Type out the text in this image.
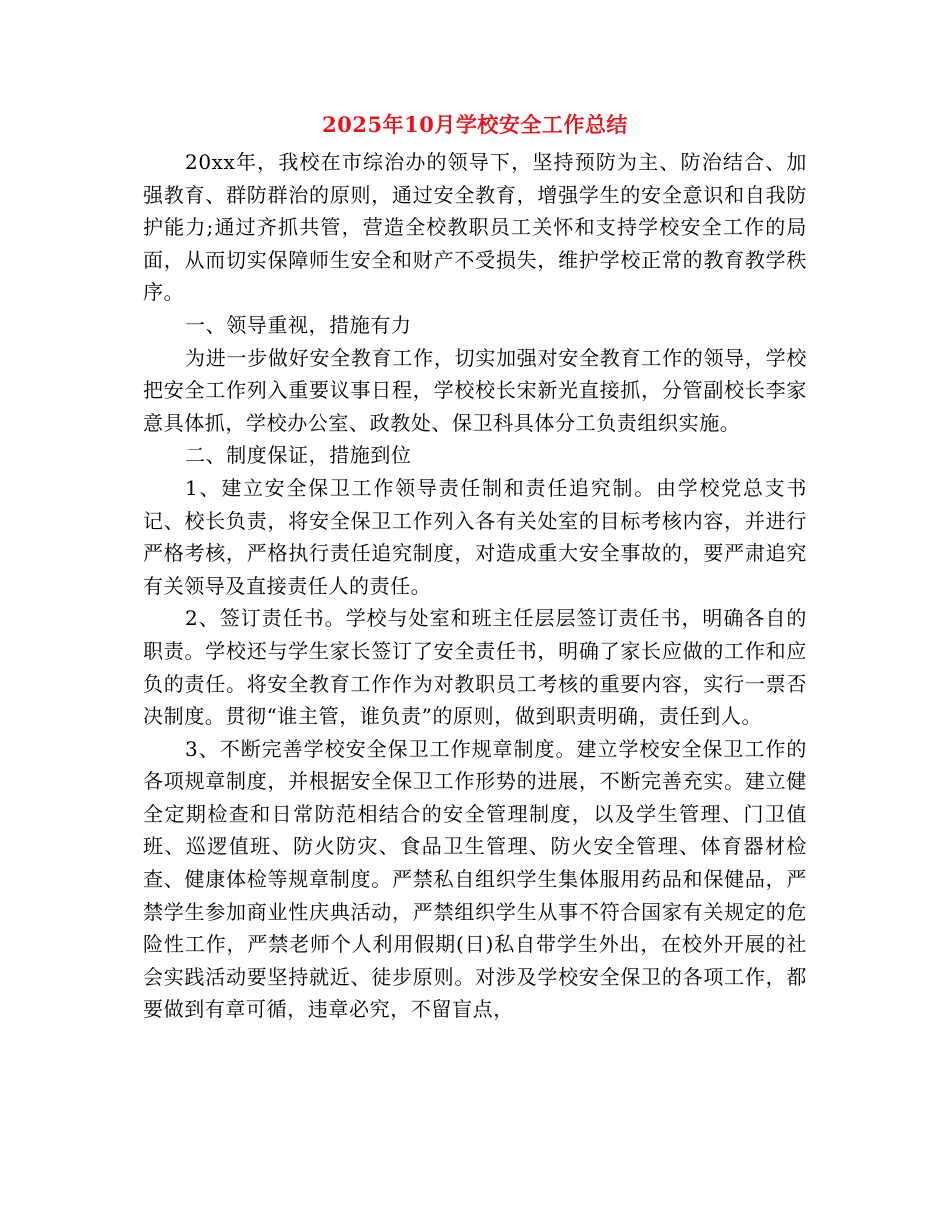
2025年10月学校安全工作总结

20xx年，我校在市综治办的领导下，坚持预防为主、防治结合、加强教育、群防群治的原则，通过安全教育，增强学生的安全意识和自我防护能力;通过齐抓共管，营造全校教职员工关怀和支持学校安全工作的局面，从而切实保障师生安全和财产不受损失，维护学校正常的教育教学秩序。

一、领导重视，措施有力

为进一步做好安全教育工作，切实加强对安全教育工作的领导，学校把安全工作列入重要议事日程，学校校长宋新光直接抓，分管副校长李家意具体抓，学校办公室、政教处、保卫科具体分工负责组织实施。

二、制度保证，措施到位

1、建立安全保卫工作领导责任制和责任追究制。由学校党总支书记、校长负责，将安全保卫工作列入各有关处室的目标考核内容，并进行严格考核，严格执行责任追究制度，对造成重大安全事故的，要严肃追究有关领导及直接责任人的责任。

2、签订责任书。学校与处室和班主任层层签订责任书，明确各自的职责。学校还与学生家长签订了安全责任书，明确了家长应做的工作和应负的责任。将安全教育工作作为对教职员工考核的重要内容，实行一票否决制度。贯彻“谁主管，谁负责”的原则，做到职责明确，责任到人。

3、不断完善学校安全保卫工作规章制度。建立学校安全保卫工作的各项规章制度，并根据安全保卫工作形势的进展，不断完善充实。建立健全定期检查和日常防范相结合的安全管理制度，以及学生管理、门卫值班、巡逻值班、防火防灾、食品卫生管理、防火安全管理、体育器材检查、健康体检等规章制度。严禁私自组织学生集体服用药品和保健品，严禁学生参加商业性庆典活动，严禁组织学生从事不符合国家有关规定的危险性工作，严禁老师个人利用假期(日)私自带学生外出，在校外开展的社会实践活动要坚持就近、徒步原则。对涉及学校安全保卫的各项工作，都要做到有章可循，违章必究，不留盲点，
